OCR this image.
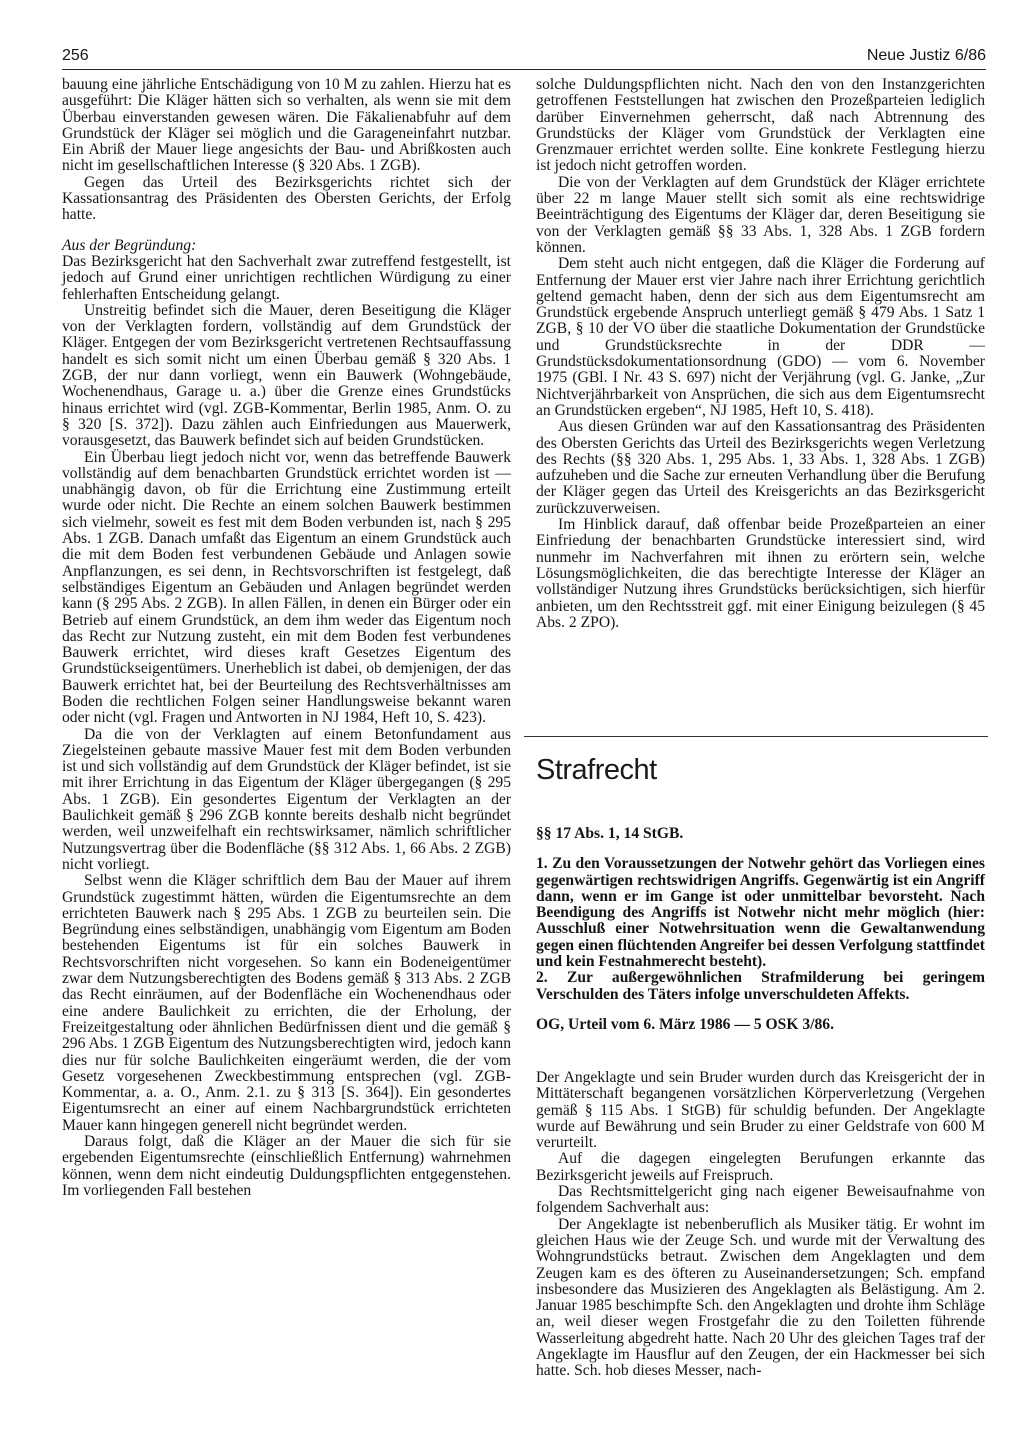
256	Neue Justiz 6/86

bauung eine jährliche Entschädigung von 10 M zu zahlen. Hierzu hat es ausgeführt: Die Kläger hätten sich so verhalten, als wenn sie mit dem Überbau einverstanden gewesen wären. Die Fäkalienabfuhr auf dem Grundstück der Kläger sei möglich und die Garageneinfahrt nutzbar. Ein Abriß der Mauer liege angesichts der Bau- und Abrißkosten auch nicht im gesellschaftlichen Interesse (§ 320 Abs. 1 ZGB).

Gegen das Urteil des Bezirksgerichts richtet sich der Kassationsantrag des Präsidenten des Obersten Gerichts, der Erfolg hatte.

Aus der Begründung:

Das Bezirksgericht hat den Sachverhalt zwar zutreffend festgestellt, ist jedoch auf Grund einer unrichtigen rechtlichen Würdigung zu einer fehlerhaften Entscheidung gelangt.

Unstreitig befindet sich die Mauer, deren Beseitigung die Kläger von der Verklagten fordern, vollständig auf dem Grundstück der Kläger. Entgegen der vom Bezirksgericht vertretenen Rechtsauffassung handelt es sich somit nicht um einen Überbau gemäß § 320 Abs. 1 ZGB, der nur dann vorliegt, wenn ein Bauwerk (Wohngebäude, Wochenendhaus, Garage u. a.) über die Grenze eines Grundstücks hinaus errichtet wird (vgl. ZGB-Kommentar, Berlin 1985, Anm. O. zu § 320 [S. 372]). Dazu zählen auch Einfriedungen aus Mauerwerk, vorausgesetzt, das Bauwerk befindet sich auf beiden Grundstücken.

Ein Überbau liegt jedoch nicht vor, wenn das betreffende Bauwerk vollständig auf dem benachbarten Grundstück errichtet worden ist — unabhängig davon, ob für die Errichtung eine Zustimmung erteilt wurde oder nicht. Die Rechte an einem solchen Bauwerk bestimmen sich vielmehr, soweit es fest mit dem Boden verbunden ist, nach § 295 Abs. 1 ZGB. Danach umfaßt das Eigentum an einem Grundstück auch die mit dem Boden fest verbundenen Gebäude und Anlagen sowie Anpflanzungen, es sei denn, in Rechtsvorschriften ist festgelegt, daß selbständiges Eigentum an Gebäuden und Anlagen begründet werden kann (§ 295 Abs. 2 ZGB). In allen Fällen, in denen ein Bürger oder ein Betrieb auf einem Grundstück, an dem ihm weder das Eigentum noch das Recht zur Nutzung zusteht, ein mit dem Boden fest verbundenes Bauwerk errichtet, wird dieses kraft Gesetzes Eigentum des Grundstückseigentümers. Unerheblich ist dabei, ob demjenigen, der das Bauwerk errichtet hat, bei der Beurteilung des Rechtsverhältnisses am Boden die rechtlichen Folgen seiner Handlungsweise bekannt waren oder nicht (vgl. Fragen und Antworten in NJ 1984, Heft 10, S. 423).

Da die von der Verklagten auf einem Betonfundament aus Ziegelsteinen gebaute massive Mauer fest mit dem Boden verbunden ist und sich vollständig auf dem Grundstück der Kläger befindet, ist sie mit ihrer Errichtung in das Eigentum der Kläger übergegangen (§ 295 Abs. 1 ZGB). Ein gesondertes Eigentum der Verklagten an der Baulichkeit gemäß § 296 ZGB konnte bereits deshalb nicht begründet werden, weil unzweifelhaft ein rechtswirksamer, nämlich schriftlicher Nutzungsvertrag über die Bodenfläche (§§ 312 Abs. 1, 66 Abs. 2 ZGB) nicht vorliegt.

Selbst wenn die Kläger schriftlich dem Bau der Mauer auf ihrem Grundstück zugestimmt hätten, würden die Eigentumsrechte an dem errichteten Bauwerk nach § 295 Abs. 1 ZGB zu beurteilen sein. Die Begründung eines selbständigen, unabhängig vom Eigentum am Boden bestehenden Eigentums ist für ein solches Bauwerk in Rechtsvorschriften nicht vorgesehen. So kann ein Bodeneigentümer zwar dem Nutzungsberechtigten des Bodens gemäß § 313 Abs. 2 ZGB das Recht einräumen, auf der Bodenfläche ein Wochenendhaus oder eine andere Baulichkeit zu errichten, die der Erholung, der Freizeitgestaltung oder ähnlichen Bedürfnissen dient und die gemäß § 296 Abs. 1 ZGB Eigentum des Nutzungsberechtigten wird, jedoch kann dies nur für solche Baulichkeiten eingeräumt werden, die der vom Gesetz vorgesehenen Zweckbestimmung entsprechen (vgl. ZGB-Kommentar, a. a. O., Anm. 2.1. zu § 313 [S. 364]). Ein gesondertes Eigentumsrecht an einer auf einem Nachbargrundstück errichteten Mauer kann hingegen generell nicht begründet werden.

Daraus folgt, daß die Kläger an der Mauer die sich für sie ergebenden Eigentumsrechte (einschließlich Entfernung) wahrnehmen können, wenn dem nicht eindeutig Duldungspflichten entgegenstehen. Im vorliegenden Fall bestehen

solche Duldungspflichten nicht. Nach den von den Instanzgerichten getroffenen Feststellungen hat zwischen den Prozeßparteien lediglich darüber Einvernehmen geherrscht, daß nach Abtrennung des Grundstücks der Kläger vom Grundstück der Verklagten eine Grenzmauer errichtet werden sollte. Eine konkrete Festlegung hierzu ist jedoch nicht getroffen worden.

Die von der Verklagten auf dem Grundstück der Kläger errichtete über 22 m lange Mauer stellt sich somit als eine rechtswidrige Beeinträchtigung des Eigentums der Kläger dar, deren Beseitigung sie von der Verklagten gemäß §§ 33 Abs. 1, 328 Abs. 1 ZGB fordern können.

Dem steht auch nicht entgegen, daß die Kläger die Forderung auf Entfernung der Mauer erst vier Jahre nach ihrer Errichtung gerichtlich geltend gemacht haben, denn der sich aus dem Eigentumsrecht am Grundstück ergebende Anspruch unterliegt gemäß § 479 Abs. 1 Satz 1 ZGB, § 10 der VO über die staatliche Dokumentation der Grundstücke und Grundstücksrechte in der DDR — Grundstücksdokumentationsordnung (GDO) — vom 6. November 1975 (GBl. I Nr. 43 S. 697) nicht der Verjährung (vgl. G. Janke, „Zur Nichtverjährbarkeit von Ansprüchen, die sich aus dem Eigentumsrecht an Grundstücken ergeben“, NJ 1985, Heft 10, S. 418).

Aus diesen Gründen war auf den Kassationsantrag des Präsidenten des Obersten Gerichts das Urteil des Bezirksgerichts wegen Verletzung des Rechts (§§ 320 Abs. 1, 295 Abs. 1, 33 Abs. 1, 328 Abs. 1 ZGB) aufzuheben und die Sache zur erneuten Verhandlung über die Berufung der Kläger gegen das Urteil des Kreisgerichts an das Bezirksgericht zurückzuverweisen.

Im Hinblick darauf, daß offenbar beide Prozeßparteien an einer Einfriedung der benachbarten Grundstücke interessiert sind, wird nunmehr im Nachverfahren mit ihnen zu erörtern sein, welche Lösungsmöglichkeiten, die das berechtigte Interesse der Kläger an vollständiger Nutzung ihres Grundstücks berücksichtigen, sich hierfür anbieten, um den Rechtsstreit ggf. mit einer Einigung beizulegen (§ 45 Abs. 2 ZPO).

Strafrecht

§§ 17 Abs. 1, 14 StGB.

1. Zu den Voraussetzungen der Notwehr gehört das Vorliegen eines gegenwärtigen rechtswidrigen Angriffs. Gegenwärtig ist ein Angriff dann, wenn er im Gange ist oder unmittelbar bevorsteht. Nach Beendigung des Angriffs ist Notwehr nicht mehr möglich (hier: Ausschluß einer Notwehrsituation wenn die Gewaltanwendung gegen einen flüchtenden Angreifer bei dessen Verfolgung stattfindet und kein Festnahmerecht besteht).

2. Zur außergewöhnlichen Strafmilderung bei geringem Verschulden des Täters infolge unverschuldeten Affekts.

OG, Urteil vom 6. März 1986 — 5 OSK 3/86.

Der Angeklagte und sein Bruder wurden durch das Kreisgericht der in Mittäterschaft begangenen vorsätzlichen Körperverletzung (Vergehen gemäß § 115 Abs. 1 StGB) für schuldig befunden. Der Angeklagte wurde auf Bewährung und sein Bruder zu einer Geldstrafe von 600 M verurteilt.

Auf die dagegen eingelegten Berufungen erkannte das Bezirksgericht jeweils auf Freispruch.

Das Rechtsmittelgericht ging nach eigener Beweisaufnahme von folgendem Sachverhalt aus:

Der Angeklagte ist nebenberuflich als Musiker tätig. Er wohnt im gleichen Haus wie der Zeuge Sch. und wurde mit der Verwaltung des Wohngrundstücks betraut. Zwischen dem Angeklagten und dem Zeugen kam es des öfteren zu Auseinandersetzungen; Sch. empfand insbesondere das Musizieren des Angeklagten als Belästigung. Am 2. Januar 1985 beschimpfte Sch. den Angeklagten und drohte ihm Schläge an, weil dieser wegen Frostgefahr die zu den Toiletten führende Wasserleitung abgedreht hatte. Nach 20 Uhr des gleichen Tages traf der Angeklagte im Hausflur auf den Zeugen, der ein Hackmesser bei sich hatte. Sch. hob dieses Messer, nach-
